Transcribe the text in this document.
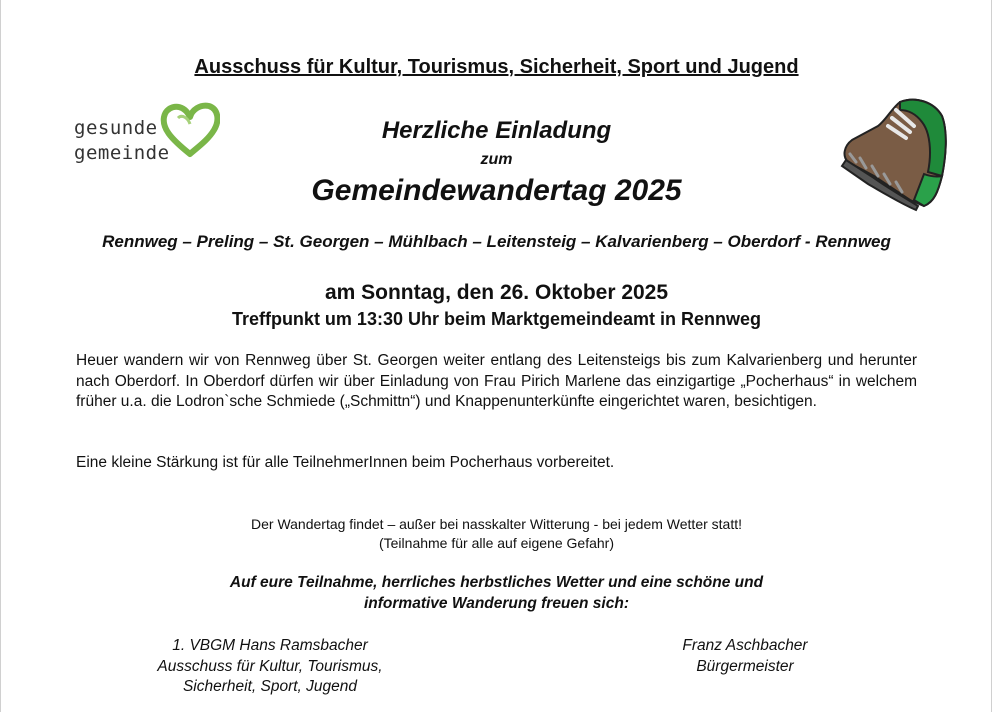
Ausschuss für Kultur, Tourismus, Sicherheit, Sport und Jugend
gesunde
gemeinde
Herzliche Einladung
zum
Gemeindewandertag 2025
Rennweg – Preling – St. Georgen – Mühlbach – Leitensteig – Kalvarienberg – Oberdorf - Rennweg
am Sonntag, den 26. Oktober 2025
Treffpunkt um 13:30 Uhr beim Marktgemeindeamt in Rennweg

Heuer wandern wir von Rennweg über St. Georgen weiter entlang des Leitensteigs bis zum Kalvarienberg und herunter nach Oberdorf. In Oberdorf dürfen wir über Einladung von Frau Pirich Marlene das einzigartige „Pocherhaus“ in welchem früher u.a. die Lodron`sche Schmiede („Schmittn“) und Knappenunterkünfte eingerichtet waren, besichtigen.

Eine kleine Stärkung ist für alle TeilnehmerInnen beim Pocherhaus vorbereitet.
Der Wandertag findet – außer bei nasskalter Witterung - bei jedem Wetter statt!
(Teilnahme für alle auf eigene Gefahr)
Auf eure Teilnahme, herrliches herbstliches Wetter und eine schöne und
informative Wanderung freuen sich:
1. VBGM Hans Ramsbacher
Ausschuss für Kultur, Tourismus,
Sicherheit, Sport, Jugend
Franz Aschbacher
Bürgermeister
